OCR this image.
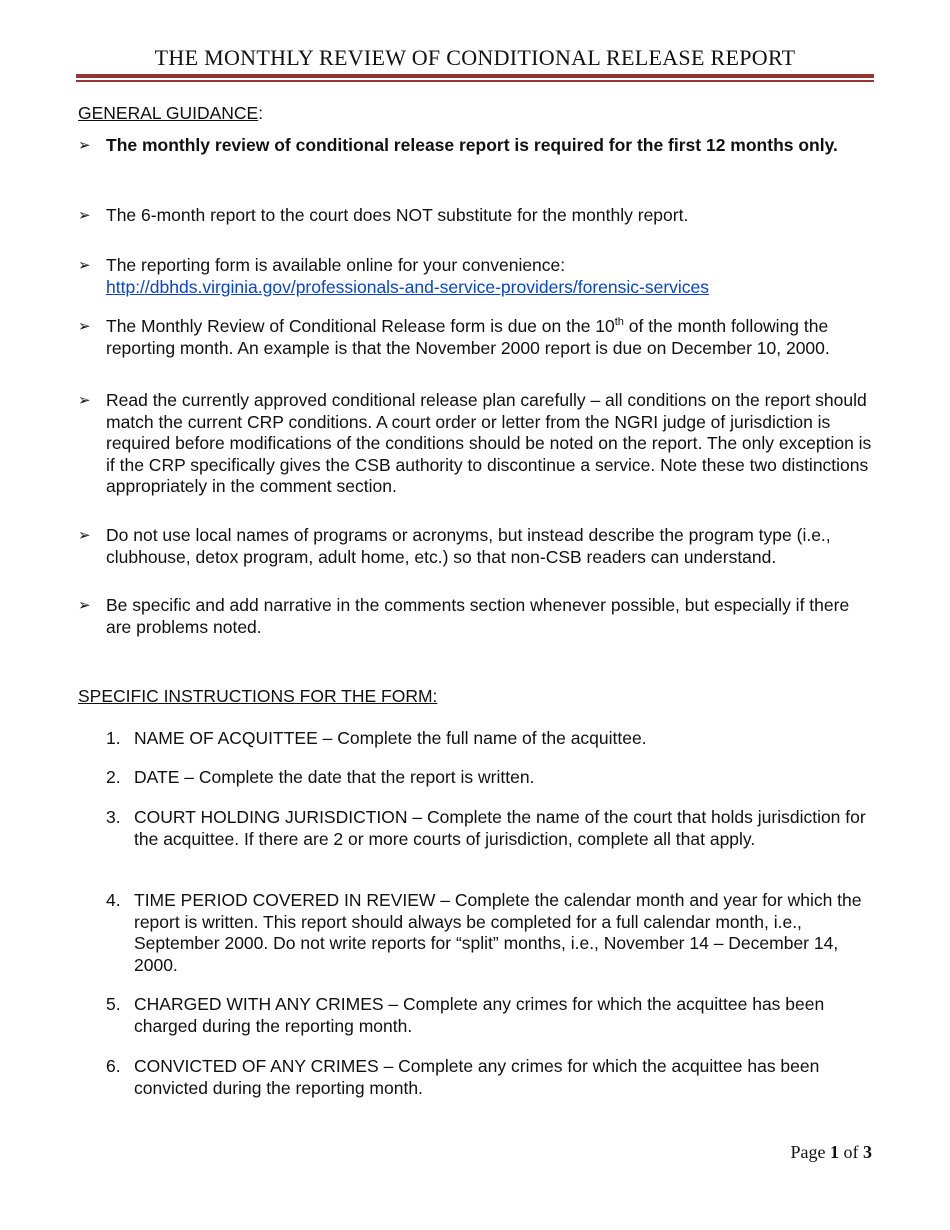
THE MONTHLY REVIEW OF CONDITIONAL RELEASE REPORT
GENERAL GUIDANCE:
➢ The monthly review of conditional release report is required for the first 12 months only.
➢ The 6-month report to the court does NOT substitute for the monthly report.
➢ The reporting form is available online for your convenience:
http://dbhds.virginia.gov/professionals-and-service-providers/forensic-services
➢ The Monthly Review of Conditional Release form is due on the 10th of the month following the reporting month. An example is that the November 2000 report is due on December 10, 2000.
➢ Read the currently approved conditional release plan carefully – all conditions on the report should match the current CRP conditions. A court order or letter from the NGRI judge of jurisdiction is required before modifications of the conditions should be noted on the report. The only exception is if the CRP specifically gives the CSB authority to discontinue a service. Note these two distinctions appropriately in the comment section.
➢ Do not use local names of programs or acronyms, but instead describe the program type (i.e., clubhouse, detox program, adult home, etc.) so that non-CSB readers can understand.
➢ Be specific and add narrative in the comments section whenever possible, but especially if there are problems noted.
SPECIFIC INSTRUCTIONS FOR THE FORM:
1. NAME OF ACQUITTEE – Complete the full name of the acquittee.
2. DATE – Complete the date that the report is written.
3. COURT HOLDING JURISDICTION – Complete the name of the court that holds jurisdiction for the acquittee. If there are 2 or more courts of jurisdiction, complete all that apply.
4. TIME PERIOD COVERED IN REVIEW – Complete the calendar month and year for which the report is written. This report should always be completed for a full calendar month, i.e., September 2000. Do not write reports for “split” months, i.e., November 14 – December 14, 2000.
5. CHARGED WITH ANY CRIMES – Complete any crimes for which the acquittee has been charged during the reporting month.
6. CONVICTED OF ANY CRIMES – Complete any crimes for which the acquittee has been convicted during the reporting month.
Page 1 of 3
